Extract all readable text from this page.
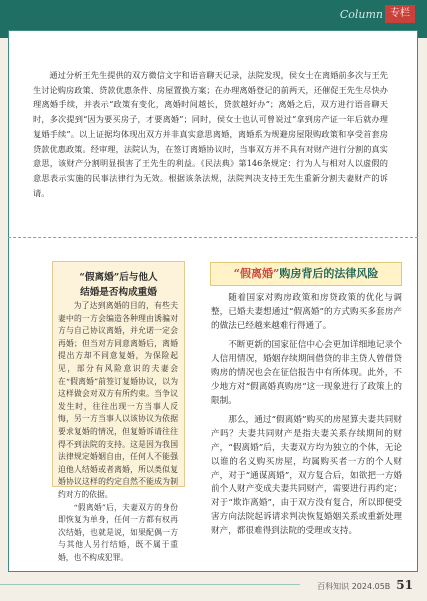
Column 专栏
通过分析王先生提供的双方微信文字和语音聊天记录，法院发现，侯女士在离婚前多次与王先生讨论购房政策、贷款优惠条件、房屋置换方案；在办理离婚登记的前两天，还催促王先生尽快办理离婚手续，并表示“政策有变化，离婚时间越长，贷款越好办”；离婚之后，双方进行语音聊天时，多次提到“因为要买房子，才要离婚”；同时，侯女士也认可曾说过“拿到房产证一年后就办理复婚手续”。以上证据均体现出双方并非真实意思离婚，离婚系为规避房屋限购政策和享受首套房贷款优惠政策。经审理，法院认为，在签订离婚协议时，当事双方并不具有对财产进行分割的真实意思，该财产分割明显损害了王先生的利益。《民法典》第146条规定：行为人与相对人以虚假的意思表示实施的民事法律行为无效。根据该条法规，法院判决支持王先生重新分割夫妻财产的诉请。
“假离婚”后与他人
结婚是否构成重婚

为了达到离婚的目的，有些夫妻中的一方会编造各种理由诱骗对方与自己协议离婚，并允诺一定会再婚；但当对方同意离婚后，离婚提出方却不同意复婚，为保险起见，部分有风险意识的夫妻会在“假离婚”前签订复婚协议，以为这样做会对双方有所约束。当争议发生时，往往出现一方当事人反悔，另一方当事人以该协议为依据要求复婚的情况，但复婚诉请往往得不到法院的支持。这是因为我国法律规定婚姻自由，任何人不能强迫他人结婚或者离婚，所以类似复婚协议这样的约定自然不能成为制约对方的依据。

“假离婚”后，夫妻双方的身份即恢复为单身，任何一方都有权再次结婚，也就是说，如果配偶一方与其他人另行结婚，既不属于重婚，也不构成犯罪。

“假离婚”购房背后的法律风险

随着国家对购房政策和房贷政策的优化与调整，已婚夫妻想通过“假离婚”的方式购买多套房产的做法已经越来越难行得通了。

不断更新的国家征信中心会更加详细地记录个人信用情况，婚姻存续期间借贷的非主贷人曾借贷购房的情况也会在征信报告中有所体现。此外，不少地方对“假离婚真购房”这一现象进行了政策上的限制。

那么，通过“假离婚”购买的房屋算夫妻共同财产吗？夫妻共同财产是指夫妻关系存续期间的财产，“假离婚”后，夫妻双方均为独立的个体，无论以谁的名义购买房屋，均属购买者一方的个人财产，对于“通谋离婚”，双方复合后，如欲把一方婚前个人财产变成夫妻共同财产，需要进行再约定；对于“欺诈离婚”，由于双方没有复合，所以即便受害方向法院起诉请求判决恢复婚姻关系或重新处理财产，都很难得到法院的受理或支持。

百科知识 2024.05B 51
